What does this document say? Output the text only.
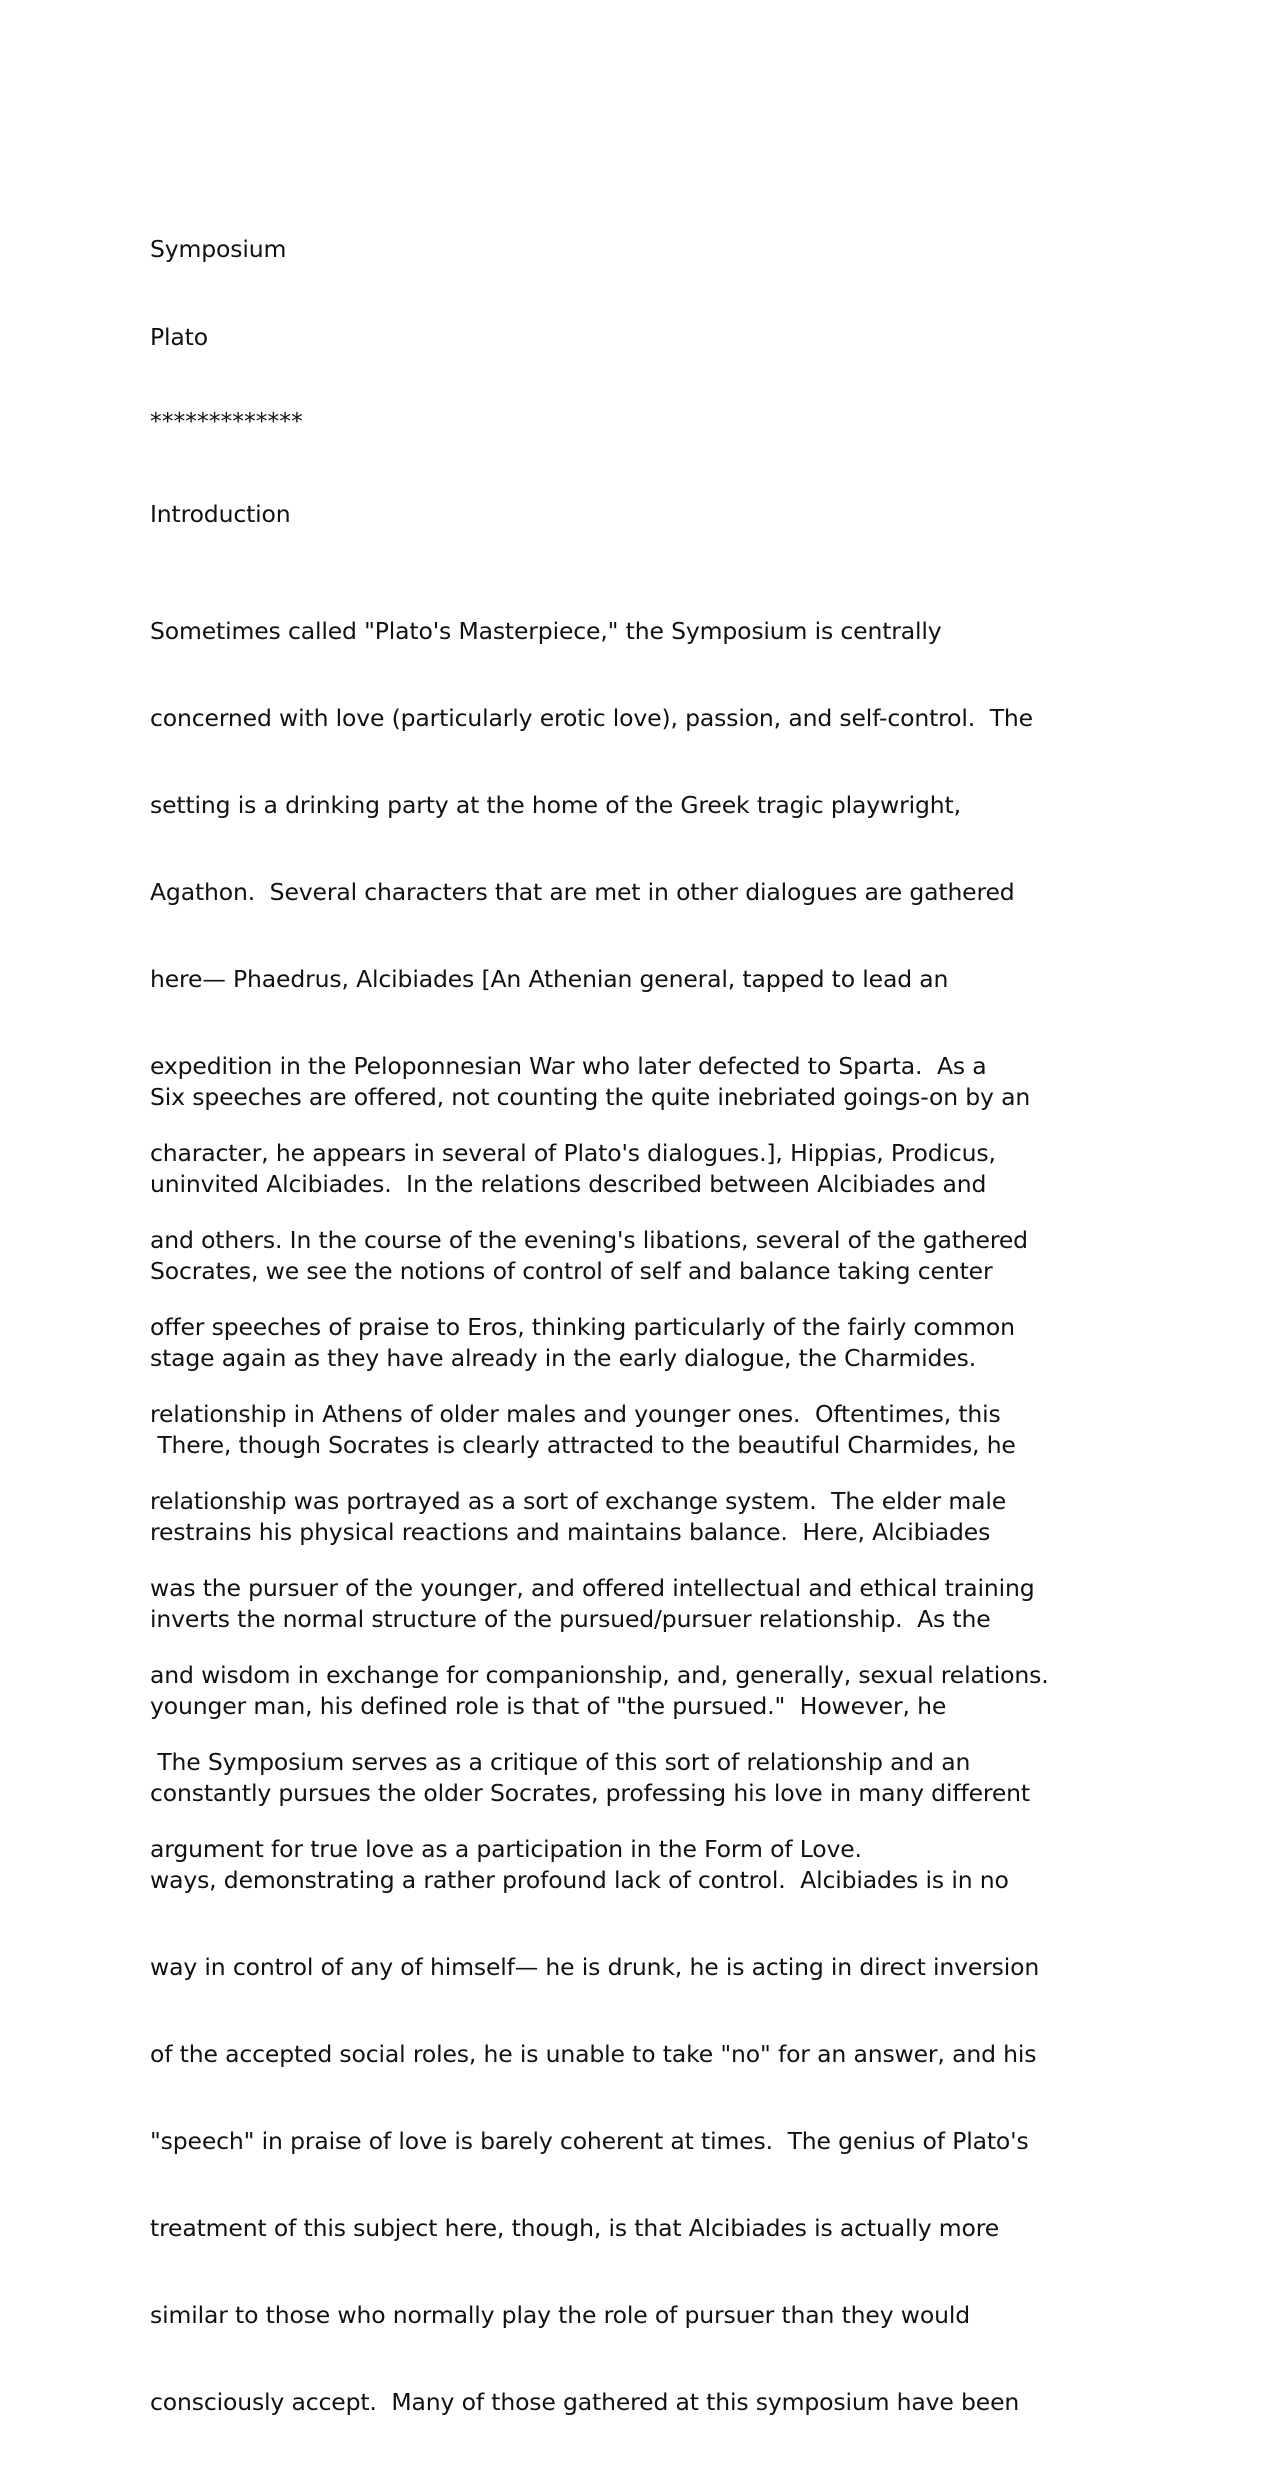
Symposium
Plato
*************
Introduction

Sometimes called "Plato's Masterpiece," the Symposium is centrally

concerned with love (particularly erotic love), passion, and self-control.  The

setting is a drinking party at the home of the Greek tragic playwright,

Agathon.  Several characters that are met in other dialogues are gathered

here— Phaedrus, Alcibiades [An Athenian general, tapped to lead an

expedition in the Peloponnesian War who later defected to Sparta.  As a

character, he appears in several of Plato's dialogues.], Hippias, Prodicus,

and others. In the course of the evening's libations, several of the gathered

offer speeches of praise to Eros, thinking particularly of the fairly common

relationship in Athens of older males and younger ones.  Oftentimes, this

relationship was portrayed as a sort of exchange system.  The elder male

was the pursuer of the younger, and offered intellectual and ethical training

and wisdom in exchange for companionship, and, generally, sexual relations.

The Symposium serves as a critique of this sort of relationship and an

argument for true love as a participation in the Form of Love.

Six speeches are offered, not counting the quite inebriated goings-on by an

uninvited Alcibiades.  In the relations described between Alcibiades and

Socrates, we see the notions of control of self and balance taking center

stage again as they have already in the early dialogue, the Charmides.

There, though Socrates is clearly attracted to the beautiful Charmides, he

restrains his physical reactions and maintains balance.  Here, Alcibiades

inverts the normal structure of the pursued/pursuer relationship.  As the

younger man, his defined role is that of "the pursued."  However, he

constantly pursues the older Socrates, professing his love in many different

ways, demonstrating a rather profound lack of control.  Alcibiades is in no

way in control of any of himself— he is drunk, he is acting in direct inversion

of the accepted social roles, he is unable to take "no" for an answer, and his

"speech" in praise of love is barely coherent at times.  The genius of Plato's

treatment of this subject here, though, is that Alcibiades is actually more

similar to those who normally play the role of pursuer than they would

consciously accept.  Many of those gathered at this symposium have been
